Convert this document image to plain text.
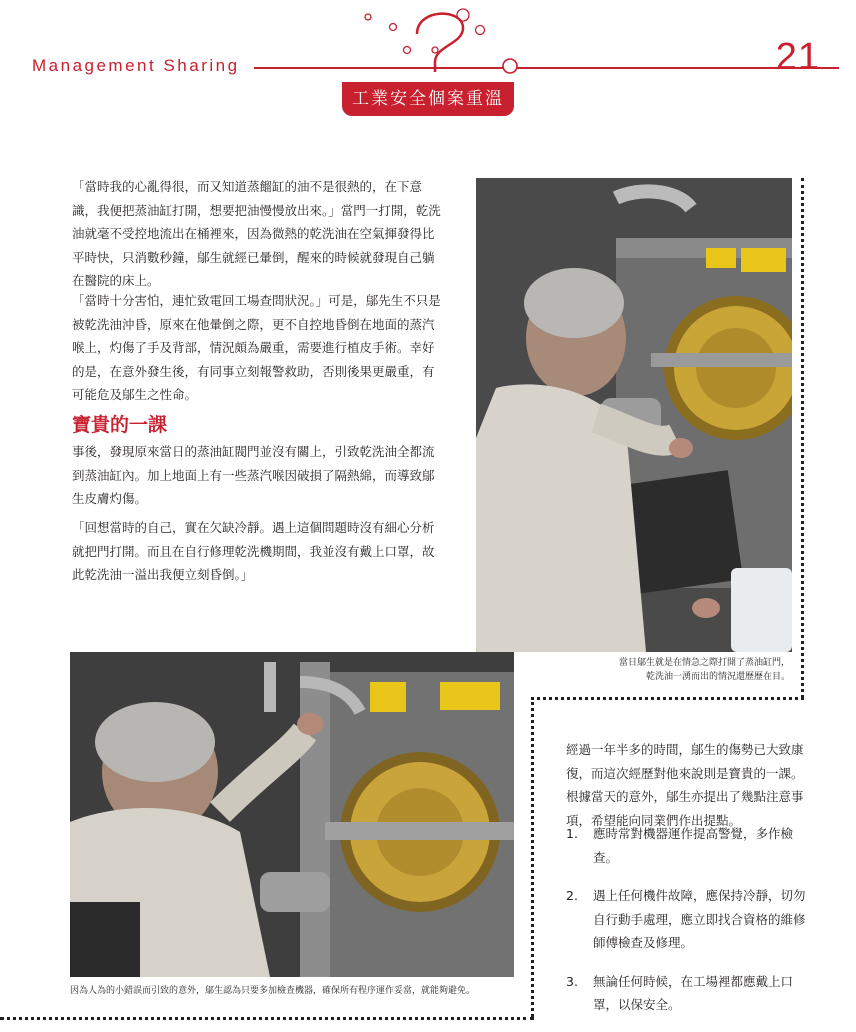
Management Sharing	21
工業安全個案重溫

「當時我的心亂得很，而又知道蒸餾缸的油不是很熱的，在下意識，我便把蒸油缸打開，想要把油慢慢放出來。」當門一打開，乾洗油就毫不受控地流出在桶裡來，因為微熱的乾洗油在空氣揮發得比平時快，只消數秒鐘，鄔生就經已暈倒，醒來的時候就發現自己躺在醫院的床上。

「當時十分害怕，連忙致電回工場查問狀況。」可是，鄔先生不只是被乾洗油沖昏，原來在他暈倒之際，更不自控地昏倒在地面的蒸汽喉上，灼傷了手及背部，情況頗為嚴重，需要進行植皮手術。幸好的是，在意外發生後，有同事立刻報警救助，否則後果更嚴重，有可能危及鄔生之性命。

寶貴的一課

事後，發現原來當日的蒸油缸閥門並沒有關上，引致乾洗油全都流到蒸油缸內。加上地面上有一些蒸汽喉因破損了隔熱綿，而導致鄔生皮膚灼傷。

「回想當時的自己，實在欠缺冷靜。遇上這個問題時沒有細心分析就把門打開。而且在自行修理乾洗機期間，我並沒有戴上口罩，故此乾洗油一溢出我便立刻昏倒。」

當日鄔生就是在情急之際打開了蒸油缸門，
乾洗油一湧而出的情況還歷歷在目。
因為人為的小錯誤而引致的意外，鄔生認為只要多加檢查機器，確保所有程序運作妥當，就能夠避免。

經過一年半多的時間，鄔生的傷勢已大致康復，而這次經歷對他來說則是寶貴的一課。根據當天的意外，鄔生亦提出了幾點注意事項，希望能向同業們作出提點。

1. 應時常對機器運作提高警覺，多作檢查。
2. 遇上任何機件故障，應保持冷靜，切勿自行動手處理，應立即找合資格的維修師傅檢查及修理。
3. 無論任何時候，在工場裡都應戴上口罩，以保安全。
